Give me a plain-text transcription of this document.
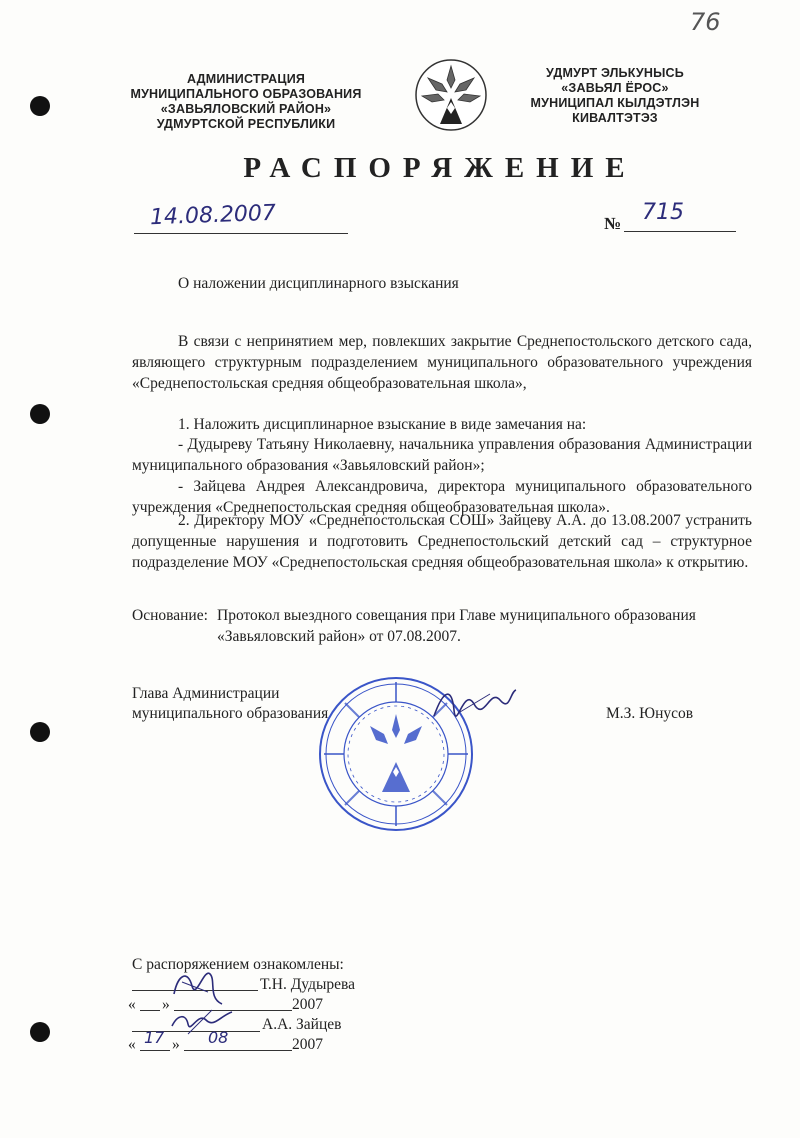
76
АДМИНИСТРАЦИЯ
МУНИЦИПАЛЬНОГО ОБРАЗОВАНИЯ
«ЗАВЬЯЛОВСКИЙ РАЙОН»
УДМУРТСКОЙ РЕСПУБЛИКИ
УДМУРТ ЭЛЬКУНЫСЬ
«ЗАВЬЯЛ ЁРОС»
МУНИЦИПАЛ КЫЛДЭТЛЭН
КИВАЛТЭТЭЗ
РАСПОРЯЖЕНИЕ
14.08.2007	№ 715
О наложении дисциплинарного взыскания
В связи с непринятием мер, повлекших закрытие Среднепостольского детского сада, являющего структурным подразделением муниципального образовательного учреждения «Среднепостольская средняя общеобразовательная школа»,
1. Наложить дисциплинарное взыскание в виде замечания на:
- Дудыреву Татьяну Николаевну, начальника управления образования Администрации муниципального образования «Завьяловский район»;
- Зайцева Андрея Александровича, директора муниципального образовательного учреждения «Среднепостольская средняя общеобразовательная школа».
2. Директору МОУ «Среднепостольская СОШ» Зайцеву А.А. до 13.08.2007 устранить допущенные нарушения и подготовить Среднепостольский детский сад – структурное подразделение МОУ «Среднепостольская средняя общеобразовательная школа» к открытию.
Основание: Протокол выездного совещания при Главе муниципального образования
«Завьяловский район» от 07.08.2007.
Глава Администрации
муниципального образования	М.З. Юнусов
С распоряжением ознакомлены:
Т.Н. Дудырева
« »	2007
А.А. Зайцев
« 17 » 08	2007
